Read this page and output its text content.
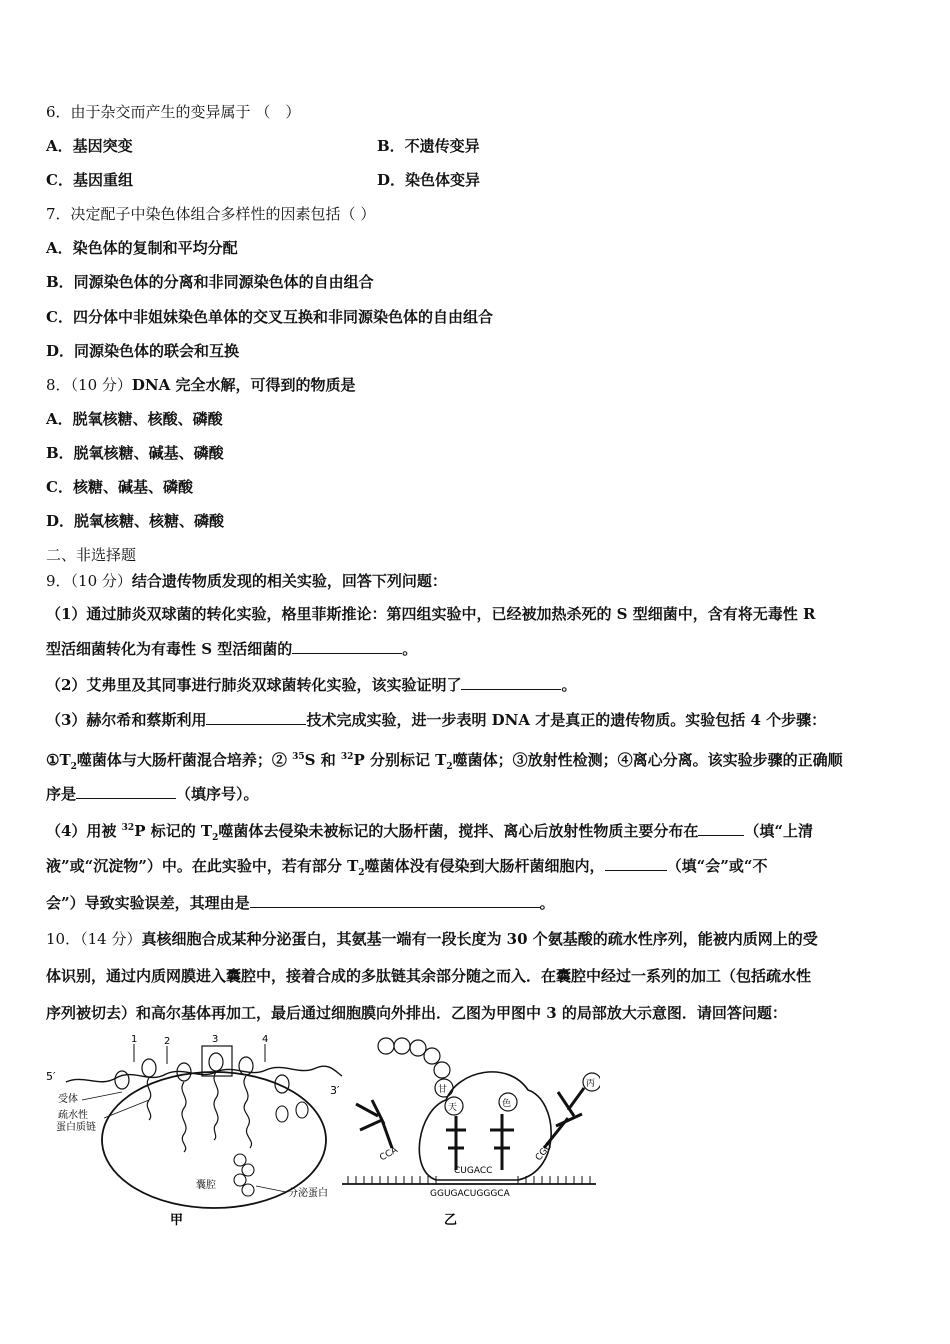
6．由于杂交而产生的变异属于 （　）
A．基因突变	B．不遗传变异
C．基因重组	D．染色体变异
7．决定配子中染色体组合多样性的因素包括（ ）
A．染色体的复制和平均分配
B．同源染色体的分离和非同源染色体的自由组合
C．四分体中非姐妹染色单体的交叉互换和非同源染色体的自由组合
D．同源染色体的联会和互换
8．（10 分）DNA 完全水解，可得到的物质是
A．脱氧核糖、核酸、磷酸
B．脱氧核糖、碱基、磷酸
C．核糖、碱基、磷酸
D．脱氧核糖、核糖、磷酸
二、非选择题
9．（10 分）结合遗传物质发现的相关实验，回答下列问题：
（1）通过肺炎双球菌的转化实验，格里菲斯推论：第四组实验中，已经被加热杀死的 S 型细菌中，含有将无毒性 R
型活细菌转化为有毒性 S 型活细菌的	。
（2）艾弗里及其同事进行肺炎双球菌转化实验，该实验证明了	。
（3）赫尔希和蔡斯利用	技术完成实验，进一步表明 DNA 才是真正的遗传物质。实验包括 4 个步骤：
$①T_2$噬菌体与大肠杆菌混合培养；② $^{35}$S 和 $^{32}$P 分别标记 $T_2$噬菌体；③放射性检测；④离心分离。该实验步骤的正确顺
序是	（填序号）。
（4）用被 $^{32}$P 标记的 $T_2$噬菌体去侵染未被标记的大肠杆菌，搅拌、离心后放射性物质主要分布在	（填“上清
液”或“沉淀物”）中。在此实验中，若有部分 $T_2$噬菌体没有侵染到大肠杆菌细胞内，	（填“会”或“不
会”）导致实验误差，其理由是	。
10．（14 分）真核细胞合成某种分泌蛋白，其氨基一端有一段长度为 30 个氨基酸的疏水性序列，能被内质网上的受
体识别，通过内质网膜进入囊腔中，接着合成的多肽链其余部分随之而入．在囊腔中经过一系列的加工（包括疏水性
序列被切去）和高尔基体再加工，最后通过细胞膜向外排出．乙图为甲图中 3 的局部放大示意图．请回答问题：
5′
3′
1	2	3	4
受体
疏水性
蛋白质链
囊腔
分泌蛋白
甲
甘
天	色
CCA
丙
CGU
CUGACC
GGUGACUGGGCA
乙
